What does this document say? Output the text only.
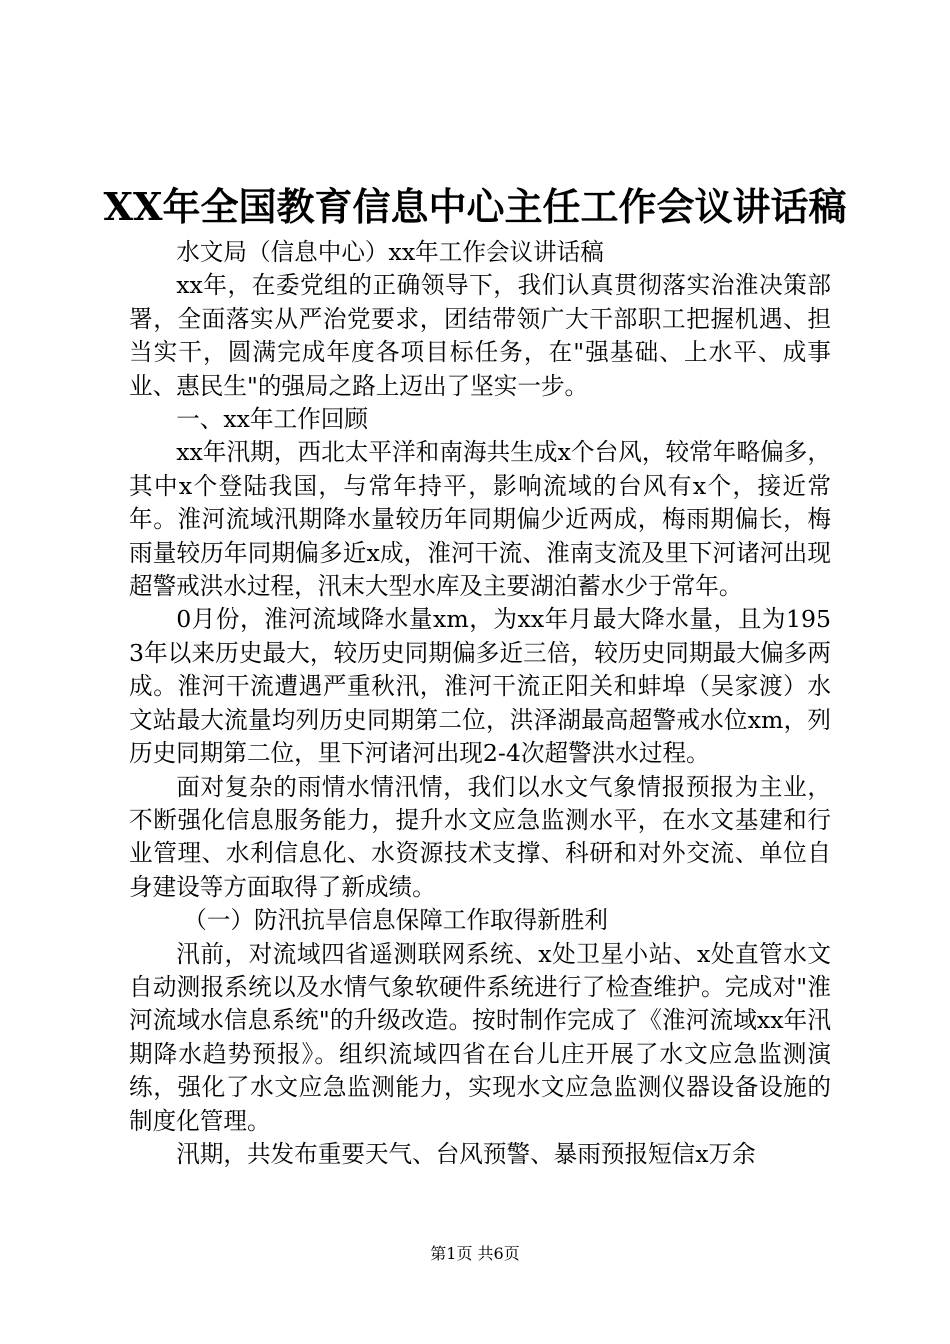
XX年全国教育信息中心主任工作会议讲话稿

水文局（信息中心）xx年工作会议讲话稿

xx年，在委党组的正确领导下，我们认真贯彻落实治淮决策部署，全面落实从严治党要求，团结带领广大干部职工把握机遇、担当实干，圆满完成年度各项目标任务，在"强基础、上水平、成事业、惠民生"的强局之路上迈出了坚实一步。

一、xx年工作回顾

xx年汛期，西北太平洋和南海共生成x个台风，较常年略偏多，其中x个登陆我国，与常年持平，影响流域的台风有x个，接近常年。淮河流域汛期降水量较历年同期偏少近两成，梅雨期偏长，梅雨量较历年同期偏多近x成，淮河干流、淮南支流及里下河诸河出现超警戒洪水过程，汛末大型水库及主要湖泊蓄水少于常年。

0月份，淮河流域降水量xm，为xx年月最大降水量，且为1953年以来历史最大，较历史同期偏多近三倍，较历史同期最大偏多两成。淮河干流遭遇严重秋汛，淮河干流正阳关和蚌埠（吴家渡）水文站最大流量均列历史同期第二位，洪泽湖最高超警戒水位xm，列历史同期第二位，里下河诸河出现2-4次超警洪水过程。

面对复杂的雨情水情汛情，我们以水文气象情报预报为主业，不断强化信息服务能力，提升水文应急监测水平，在水文基建和行业管理、水利信息化、水资源技术支撑、科研和对外交流、单位自身建设等方面取得了新成绩。

（一）防汛抗旱信息保障工作取得新胜利

汛前，对流域四省遥测联网系统、x处卫星小站、x处直管水文自动测报系统以及水情气象软硬件系统进行了检查维护。完成对"淮河流域水信息系统"的升级改造。按时制作完成了《淮河流域xx年汛期降水趋势预报》。组织流域四省在台儿庄开展了水文应急监测演练，强化了水文应急监测能力，实现水文应急监测仪器设备设施的制度化管理。

汛期，共发布重要天气、台风预警、暴雨预报短信x万余

第1页 共6页
